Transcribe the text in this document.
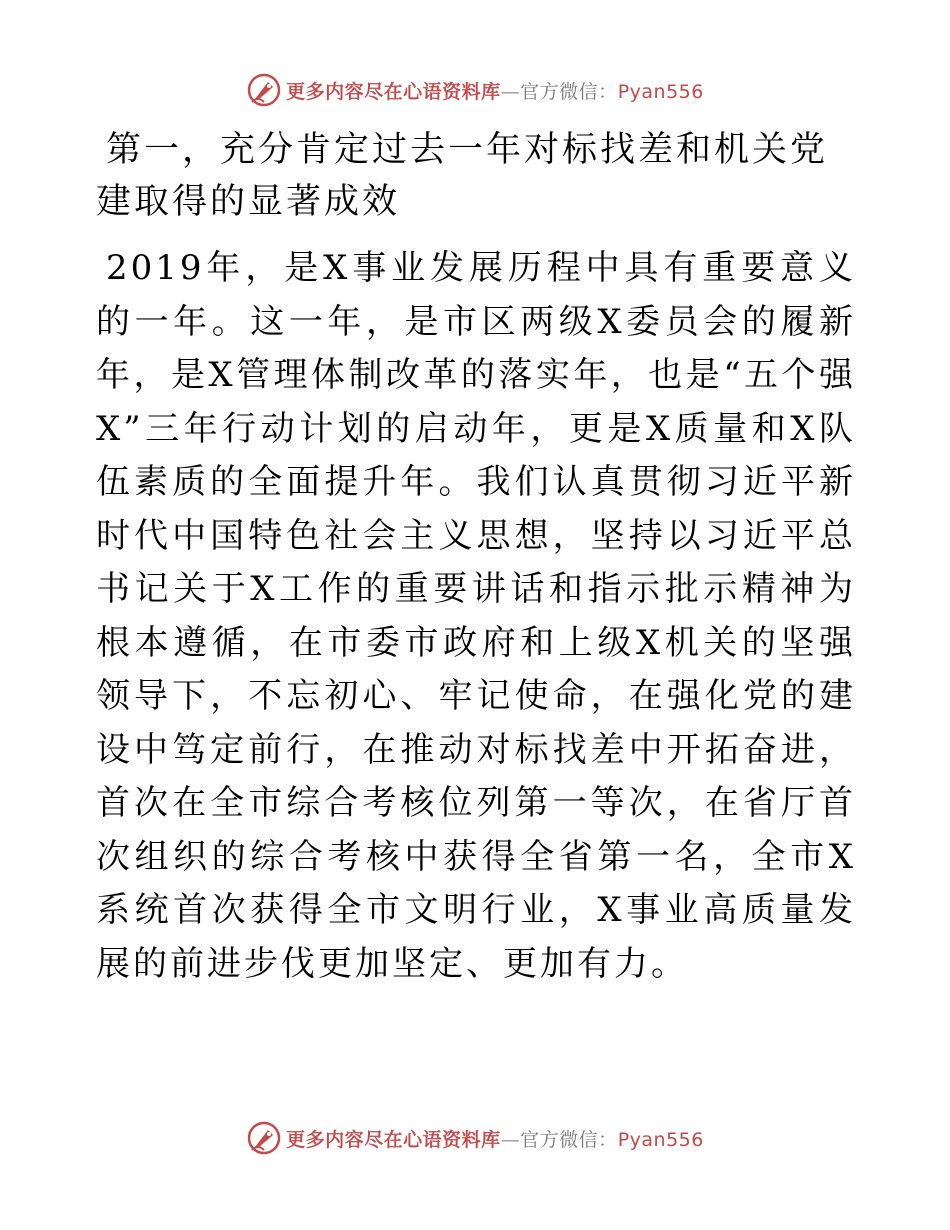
更多内容尽在心语资料库—官方微信：Pyan556
第一，充分肯定过去一年对标找差和机关党建取得的显著成效

2019年，是X事业发展历程中具有重要意义的一年。这一年，是市区两级X委员会的履新年，是X管理体制改革的落实年，也是“五个强X”三年行动计划的启动年，更是X质量和X队伍素质的全面提升年。我们认真贯彻习近平新时代中国特色社会主义思想，坚持以习近平总书记关于X工作的重要讲话和指示批示精神为根本遵循，在市委市政府和上级X机关的坚强领导下，不忘初心、牢记使命，在强化党的建设中笃定前行，在推动对标找差中开拓奋进，首次在全市综合考核位列第一等次，在省厅首次组织的综合考核中获得全省第一名，全市X系统首次获得全市文明行业，X事业高质量发展的前进步伐更加坚定、更加有力。

更多内容尽在心语资料库—官方微信：Pyan556
